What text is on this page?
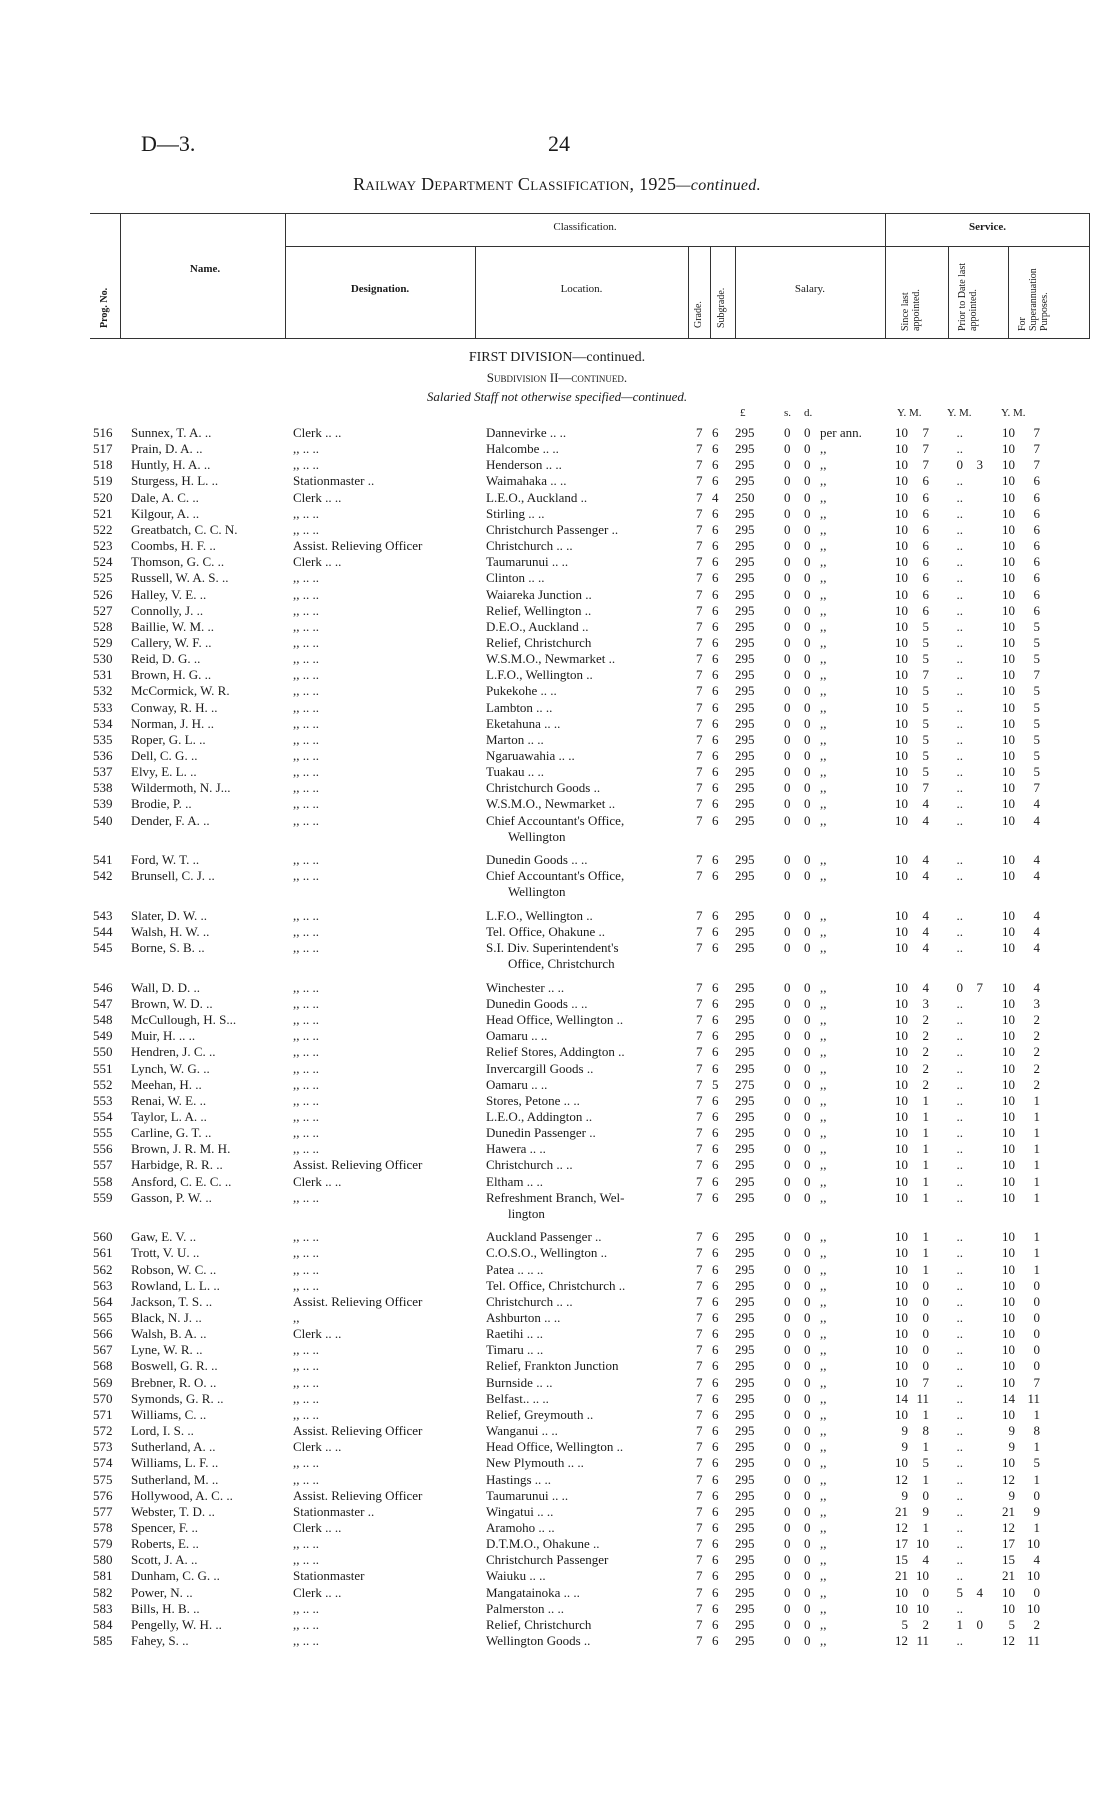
D—3.	24
Railway Department Classification, 1925—continued.
Prog. No.
Name.
Classification.	Service.
Designation.	Location.
Grade. Subgrade.	Salary.
Since last appointed.	Prior to Date last appointed.	For Superannuation Purposes.
FIRST DIVISION—continued.
Subdivision II—continued.
Salaried Staff not otherwise specified—continued.
£	s. d.	Y. M. Y. M.	Y. M.
516 Sunnex, T. A. ..	Clerk .. ..	Dannevirke .. ..	7 6 295 0 0 per ann.	10	7	..	10	7
517 Prain, D. A. ..	,, .. ..	Halcombe .. ..	7 6 295 0 0 ,,	10	7	..	10	7
518 Huntly, H. A. ..	,, .. ..	Henderson .. ..	7 6 295 0 0 ,,	10	7	0	3	10	7
519 Sturgess, H. L. ..	Stationmaster ..	Waimahaka .. ..	7 6 295 0 0 ,,	10	6	..	10	6
520 Dale, A. C. ..	Clerk .. ..	L.E.O., Auckland ..	7 4 250 0 0 ,,	10	6	..	10	6
521 Kilgour, A. ..	,, .. ..	Stirling .. ..	7 6 295 0 0 ,,	10	6	..	10	6
522 Greatbatch, C. C. N.	,, .. ..	Christchurch Passenger ..	7 6 295 0 0 ,,	10	6	..	10	6
523 Coombs, H. F. ..	Assist. Relieving Officer	Christchurch .. ..	7 6 295 0 0 ,,	10	6	..	10	6
524 Thomson, G. C. ..	Clerk .. ..	Taumarunui .. ..	7 6 295 0 0 ,,	10	6	..	10	6
525 Russell, W. A. S. ..	,, .. ..	Clinton .. ..	7 6 295 0 0 ,,	10	6	..	10	6
526 Halley, V. E. ..	,, .. ..	Waiareka Junction ..	7 6 295 0 0 ,,	10	6	..	10	6
527 Connolly, J. ..	,, .. ..	Relief, Wellington ..	7 6 295 0 0 ,,	10	6	..	10	6
528 Baillie, W. M. ..	,, .. ..	D.E.O., Auckland ..	7 6 295 0 0 ,,	10	5	..	10	5
529 Callery, W. F. ..	,, .. ..	Relief, Christchurch	7 6 295 0 0 ,,	10	5	..	10	5
530 Reid, D. G. ..	,, .. ..	W.S.M.O., Newmarket ..	7 6 295 0 0 ,,	10	5	..	10	5
531 Brown, H. G. ..	,, .. ..	L.F.O., Wellington ..	7 6 295 0 0 ,,	10	7	..	10	7
532 McCormick, W. R.	,, .. ..	Pukekohe .. ..	7 6 295 0 0 ,,	10	5	..	10	5
533 Conway, R. H. ..	,, .. ..	Lambton .. ..	7 6 295 0 0 ,,	10	5	..	10	5
534 Norman, J. H. ..	,, .. ..	Eketahuna .. ..	7 6 295 0 0 ,,	10	5	..	10	5
535 Roper, G. L. ..	,, .. ..	Marton .. ..	7 6 295 0 0 ,,	10	5	..	10	5
536 Dell, C. G. ..	,, .. ..	Ngaruawahia .. ..	7 6 295 0 0 ,,	10	5	..	10	5
537 Elvy, E. L. ..	,, .. ..	Tuakau .. ..	7 6 295 0 0 ,,	10	5	..	10	5
538 Wildermoth, N. J...	,, .. ..	Christchurch Goods ..	7 6 295 0 0 ,,	10	7	..	10	7
539 Brodie, P. ..	,, .. ..	W.S.M.O., Newmarket ..	7 6 295 0 0 ,,	10	4	..	10	4
540 Dender, F. A. ..	,, .. ..	Chief Accountant's Office,	7 6 295 0 0 ,,	10	4	..	10	4
Wellington
541 Ford, W. T. ..	,, .. ..	Dunedin Goods .. ..	7 6 295 0 0 ,,	10	4	..	10	4
542 Brunsell, C. J. ..	,, .. ..	Chief Accountant's Office,	7 6 295 0 0 ,,	10	4	..	10	4
Wellington
543 Slater, D. W. ..	,, .. ..	L.F.O., Wellington ..	7 6 295 0 0 ,,	10	4	..	10	4
544 Walsh, H. W. ..	,, .. ..	Tel. Office, Ohakune ..	7 6 295 0 0 ,,	10	4	..	10	4
545 Borne, S. B. ..	,, .. ..	S.I. Div. Superintendent's	7 6 295 0 0 ,,	10	4	..	10	4
Office, Christchurch
546 Wall, D. D. ..	,, .. ..	Winchester .. ..	7 6 295 0 0 ,,	10	4	0	7	10	4
547 Brown, W. D. ..	,, .. ..	Dunedin Goods .. ..	7 6 295 0 0 ,,	10	3	..	10	3
548 McCullough, H. S...	,, .. ..	Head Office, Wellington ..	7 6 295 0 0 ,,	10	2	..	10	2
549 Muir, H. .. ..	,, .. ..	Oamaru .. ..	7 6 295 0 0 ,,	10	2	..	10	2
550 Hendren, J. C. ..	,, .. ..	Relief Stores, Addington ..	7 6 295 0 0 ,,	10	2	..	10	2
551 Lynch, W. G. ..	,, .. ..	Invercargill Goods ..	7 6 295 0 0 ,,	10	2	..	10	2
552 Meehan, H. ..	,, .. ..	Oamaru .. ..	7 5 275 0 0 ,,	10	2	..	10	2
553 Renai, W. E. ..	,, .. ..	Stores, Petone .. ..	7 6 295 0 0 ,,	10	1	..	10	1
554 Taylor, L. A. ..	,, .. ..	L.E.O., Addington ..	7 6 295 0 0 ,,	10	1	..	10	1
555 Carline, G. T. ..	,, .. ..	Dunedin Passenger ..	7 6 295 0 0 ,,	10	1	..	10	1
556 Brown, J. R. M. H.	,, .. ..	Hawera .. ..	7 6 295 0 0 ,,	10	1	..	10	1
557 Harbidge, R. R. ..	Assist. Relieving Officer	Christchurch .. ..	7 6 295 0 0 ,,	10	1	..	10	1
558 Ansford, C. E. C. ..	Clerk .. ..	Eltham .. ..	7 6 295 0 0 ,,	10	1	..	10	1
559 Gasson, P. W. ..	,, .. ..	Refreshment Branch, Wel-	7 6 295 0 0 ,,	10	1	..	10	1
lington
560 Gaw, E. V. ..	,, .. ..	Auckland Passenger ..	7 6 295 0 0 ,,	10	1	..	10	1
561 Trott, V. U. ..	,, .. ..	C.O.S.O., Wellington ..	7 6 295 0 0 ,,	10	1	..	10	1
562 Robson, W. C. ..	,, .. ..	Patea .. .. ..	7 6 295 0 0 ,,	10	1	..	10	1
563 Rowland, L. L. ..	,, .. ..	Tel. Office, Christchurch ..	7 6 295 0 0 ,,	10	0	..	10	0
564 Jackson, T. S. ..	Assist. Relieving Officer	Christchurch .. ..	7 6 295 0 0 ,,	10	0	..	10	0
565 Black, N. J. ..	,,	Ashburton .. ..	7 6 295 0 0 ,,	10	0	..	10	0
566 Walsh, B. A. ..	Clerk .. ..	Raetihi .. ..	7 6 295 0 0 ,,	10	0	..	10	0
567 Lyne, W. R. ..	,, .. ..	Timaru .. ..	7 6 295 0 0 ,,	10	0	..	10	0
568 Boswell, G. R. ..	,, .. ..	Relief, Frankton Junction	7 6 295 0 0 ,,	10	0	..	10	0
569 Brebner, R. O. ..	,, .. ..	Burnside .. ..	7 6 295 0 0 ,,	10	7	..	10	7
570 Symonds, G. R. ..	,, .. ..	Belfast.. .. ..	7 6 295 0 0 ,,	14 11	..	14 11
571 Williams, C. ..	,, .. ..	Relief, Greymouth ..	7 6 295 0 0 ,,	10	1	..	10	1
572 Lord, I. S. ..	Assist. Relieving Officer	Wanganui .. ..	7 6 295 0 0 ,,	9	8	..	9	8
573 Sutherland, A. ..	Clerk .. ..	Head Office, Wellington ..	7 6 295 0 0 ,,	9	1	..	9	1
574 Williams, L. F. ..	,, .. ..	New Plymouth .. ..	7 6 295 0 0 ,,	10	5	..	10	5
575 Sutherland, M. ..	,, .. ..	Hastings .. ..	7 6 295 0 0 ,,	12	1	..	12	1
576 Hollywood, A. C. ..	Assist. Relieving Officer	Taumarunui .. ..	7 6 295 0 0 ,,	9	0	..	9	0
577 Webster, T. D. ..	Stationmaster ..	Wingatui .. ..	7 6 295 0 0 ,,	21	9	..	21	9
578 Spencer, F. ..	Clerk .. ..	Aramoho .. ..	7 6 295 0 0 ,,	12	1	..	12	1
579 Roberts, E. ..	,, .. ..	D.T.M.O., Ohakune ..	7 6 295 0 0 ,,	17 10	..	17 10
580 Scott, J. A. ..	,, .. ..	Christchurch Passenger	7 6 295 0 0 ,,	15	4	..	15	4
581 Dunham, C. G. ..	Stationmaster	Waiuku .. ..	7 6 295 0 0 ,,	21 10	..	21 10
582 Power, N. ..	Clerk .. ..	Mangatainoka .. ..	7 6 295 0 0 ,,	10	0	5	4	10	0
583 Bills, H. B. ..	,, .. ..	Palmerston .. ..	7 6 295 0 0 ,,	10 10	..	10 10
584 Pengelly, W. H. ..	,, .. ..	Relief, Christchurch	7 6 295 0 0 ,,	5	2	1	0	5	2
585 Fahey, S. ..	,, .. ..	Wellington Goods ..	7 6 295 0 0 ,,	12 11	..	12 11
